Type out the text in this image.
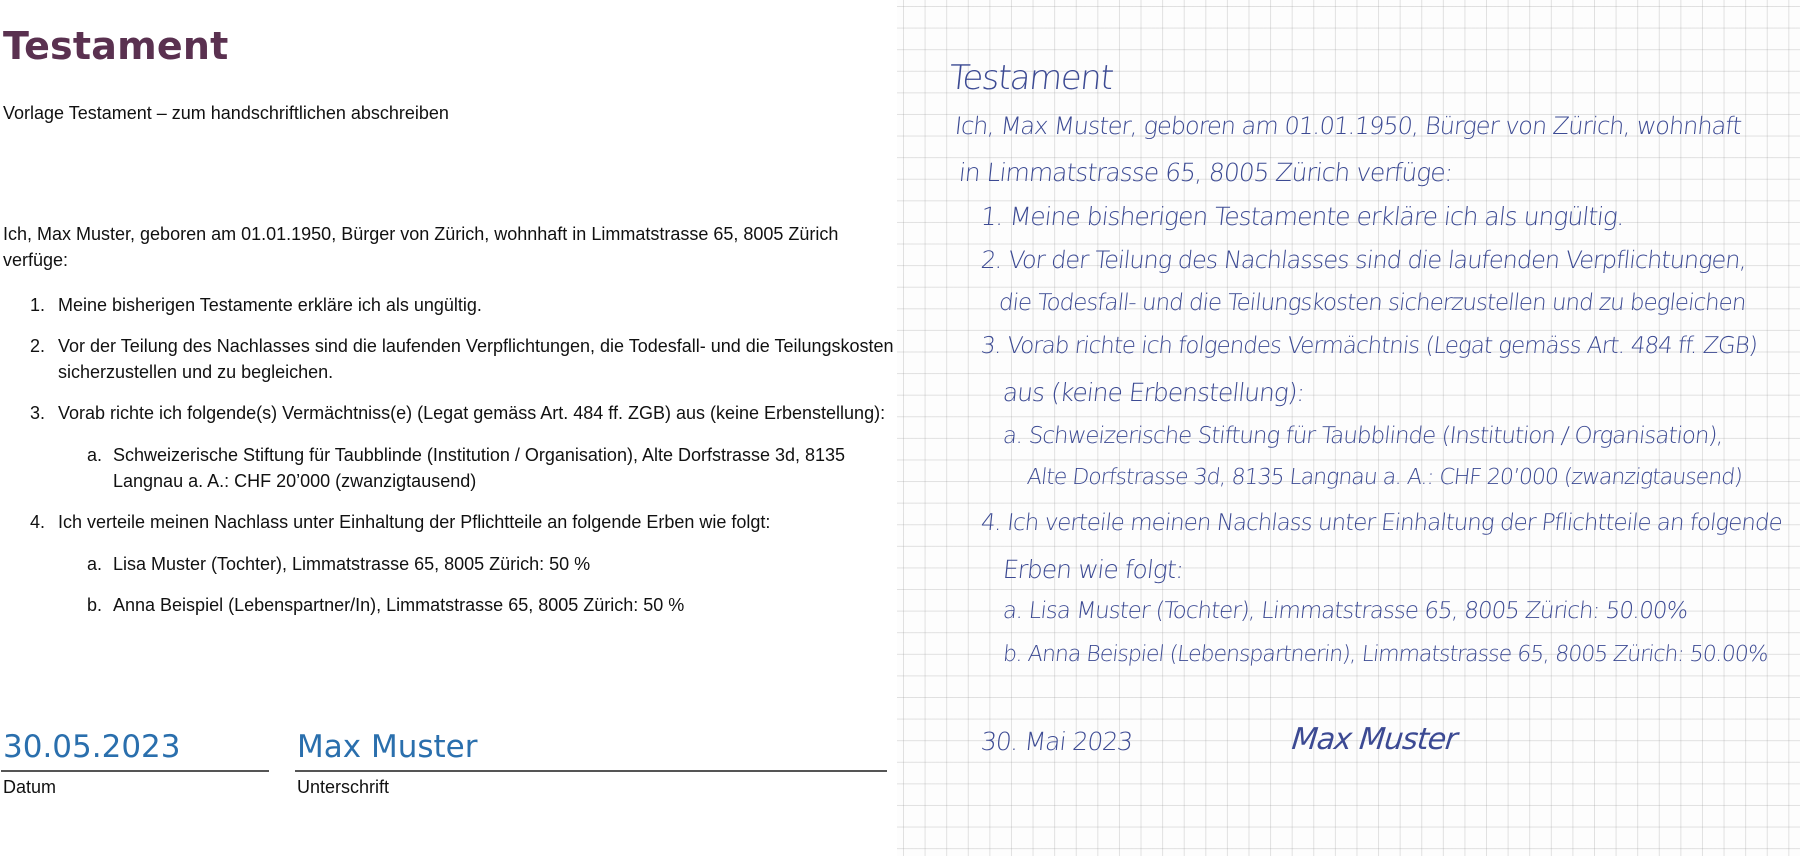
Testament

Vorlage Testament – zum handschriftlichen abschreiben

Ich, Max Muster, geboren am 01.01.1950, Bürger von Zürich, wohnhaft in Limmatstrasse 65, 8005 Zürich verfüge:

1. Meine bisherigen Testamente erkläre ich als ungültig.
2. Vor der Teilung des Nachlasses sind die laufenden Verpflichtungen, die Todesfall- und die Teilungskosten sicherzustellen und zu begleichen.
3. Vorab richte ich folgende(s) Vermächtniss(e) (Legat gemäss Art. 484 ff. ZGB) aus (keine Erbenstellung):
a. Schweizerische Stiftung für Taubblinde (Institution / Organisation), Alte Dorfstrasse 3d, 8135 Langnau a. A.: CHF 20’000 (zwanzigtausend)
4. Ich verteile meinen Nachlass unter Einhaltung der Pflichtteile an folgende Erben wie folgt:
a. Lisa Muster (Tochter), Limmatstrasse 65, 8005 Zürich: 50 %
b. Anna Beispiel (Lebenspartner/In), Limmatstrasse 65, 8005 Zürich: 50 %
30.05.2023
Datum
Max Muster
Unterschrift
Testament
Ich, Max Muster, geboren am 01.01.1950, Bürger von Zürich, wohnhaft
in Limmatstrasse 65, 8005 Zürich verfüge:
1. Meine bisherigen Testamente erkläre ich als ungültig.
2. Vor der Teilung des Nachlasses sind die laufenden Verpflichtungen,
die Todesfall- und die Teilungskosten sicherzustellen und zu begleichen
3. Vorab richte ich folgendes Vermächtnis (Legat gemäss Art. 484 ff. ZGB)
aus (keine Erbenstellung):
a. Schweizerische Stiftung für Taubblinde (Institution / Organisation),
Alte Dorfstrasse 3d, 8135 Langnau a. A.: CHF 20’000 (zwanzigtausend)
4. Ich verteile meinen Nachlass unter Einhaltung der Pflichtteile an folgende
Erben wie folgt:
a. Lisa Muster (Tochter), Limmatstrasse 65, 8005 Zürich: 50.00%
b. Anna Beispiel (Lebenspartnerin), Limmatstrasse 65, 8005 Zürich: 50.00%
30. Mai 2023	Max Muster
